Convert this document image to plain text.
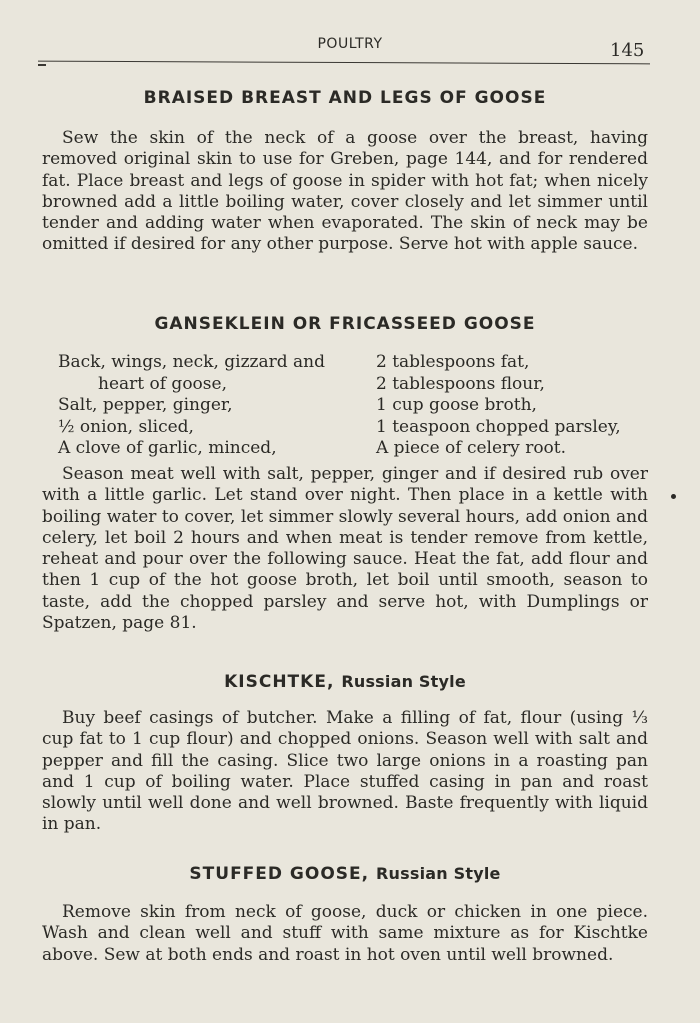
POULTRY	145
BRAISED BREAST AND LEGS OF GOOSE

Sew the skin of the neck of a goose over the breast, having removed original skin to use for Greben, page 144, and for rendered fat. Place breast and legs of goose in spider with hot fat; when nicely browned add a little boiling water, cover closely and let simmer until tender and adding water when evaporated. The skin of neck may be omitted if desired for any other purpose. Serve hot with apple sauce.

GANSEKLEIN OR FRICASSEED GOOSE
Back, wings, neck, gizzard and	2 tablespoons fat,
heart of goose,	2 tablespoons flour,
Salt, pepper, ginger,	1 cup goose broth,
½ onion, sliced,	1 teaspoon chopped parsley,
A clove of garlic, minced,	A piece of celery root.

Season meat well with salt, pepper, ginger and if desired rub over with a little garlic. Let stand over night. Then place in a kettle with boiling water to cover, let simmer slowly several hours, add onion and celery, let boil 2 hours and when meat is tender remove from kettle, reheat and pour over the following sauce. Heat the fat, add flour and then 1 cup of the hot goose broth, let boil until smooth, season to taste, add the chopped parsley and serve hot, with Dumplings or Spatzen, page 81.

KISCHTKE, Russian Style

Buy beef casings of butcher. Make a filling of fat, flour (using ⅓ cup fat to 1 cup flour) and chopped onions. Season well with salt and pepper and fill the casing. Slice two large onions in a roasting pan and 1 cup of boiling water. Place stuffed casing in pan and roast slowly until well done and well browned. Baste frequently with liquid in pan.

STUFFED GOOSE, Russian Style

Remove skin from neck of goose, duck or chicken in one piece. Wash and clean well and stuff with same mixture as for Kischtke above. Sew at both ends and roast in hot oven until well browned.
